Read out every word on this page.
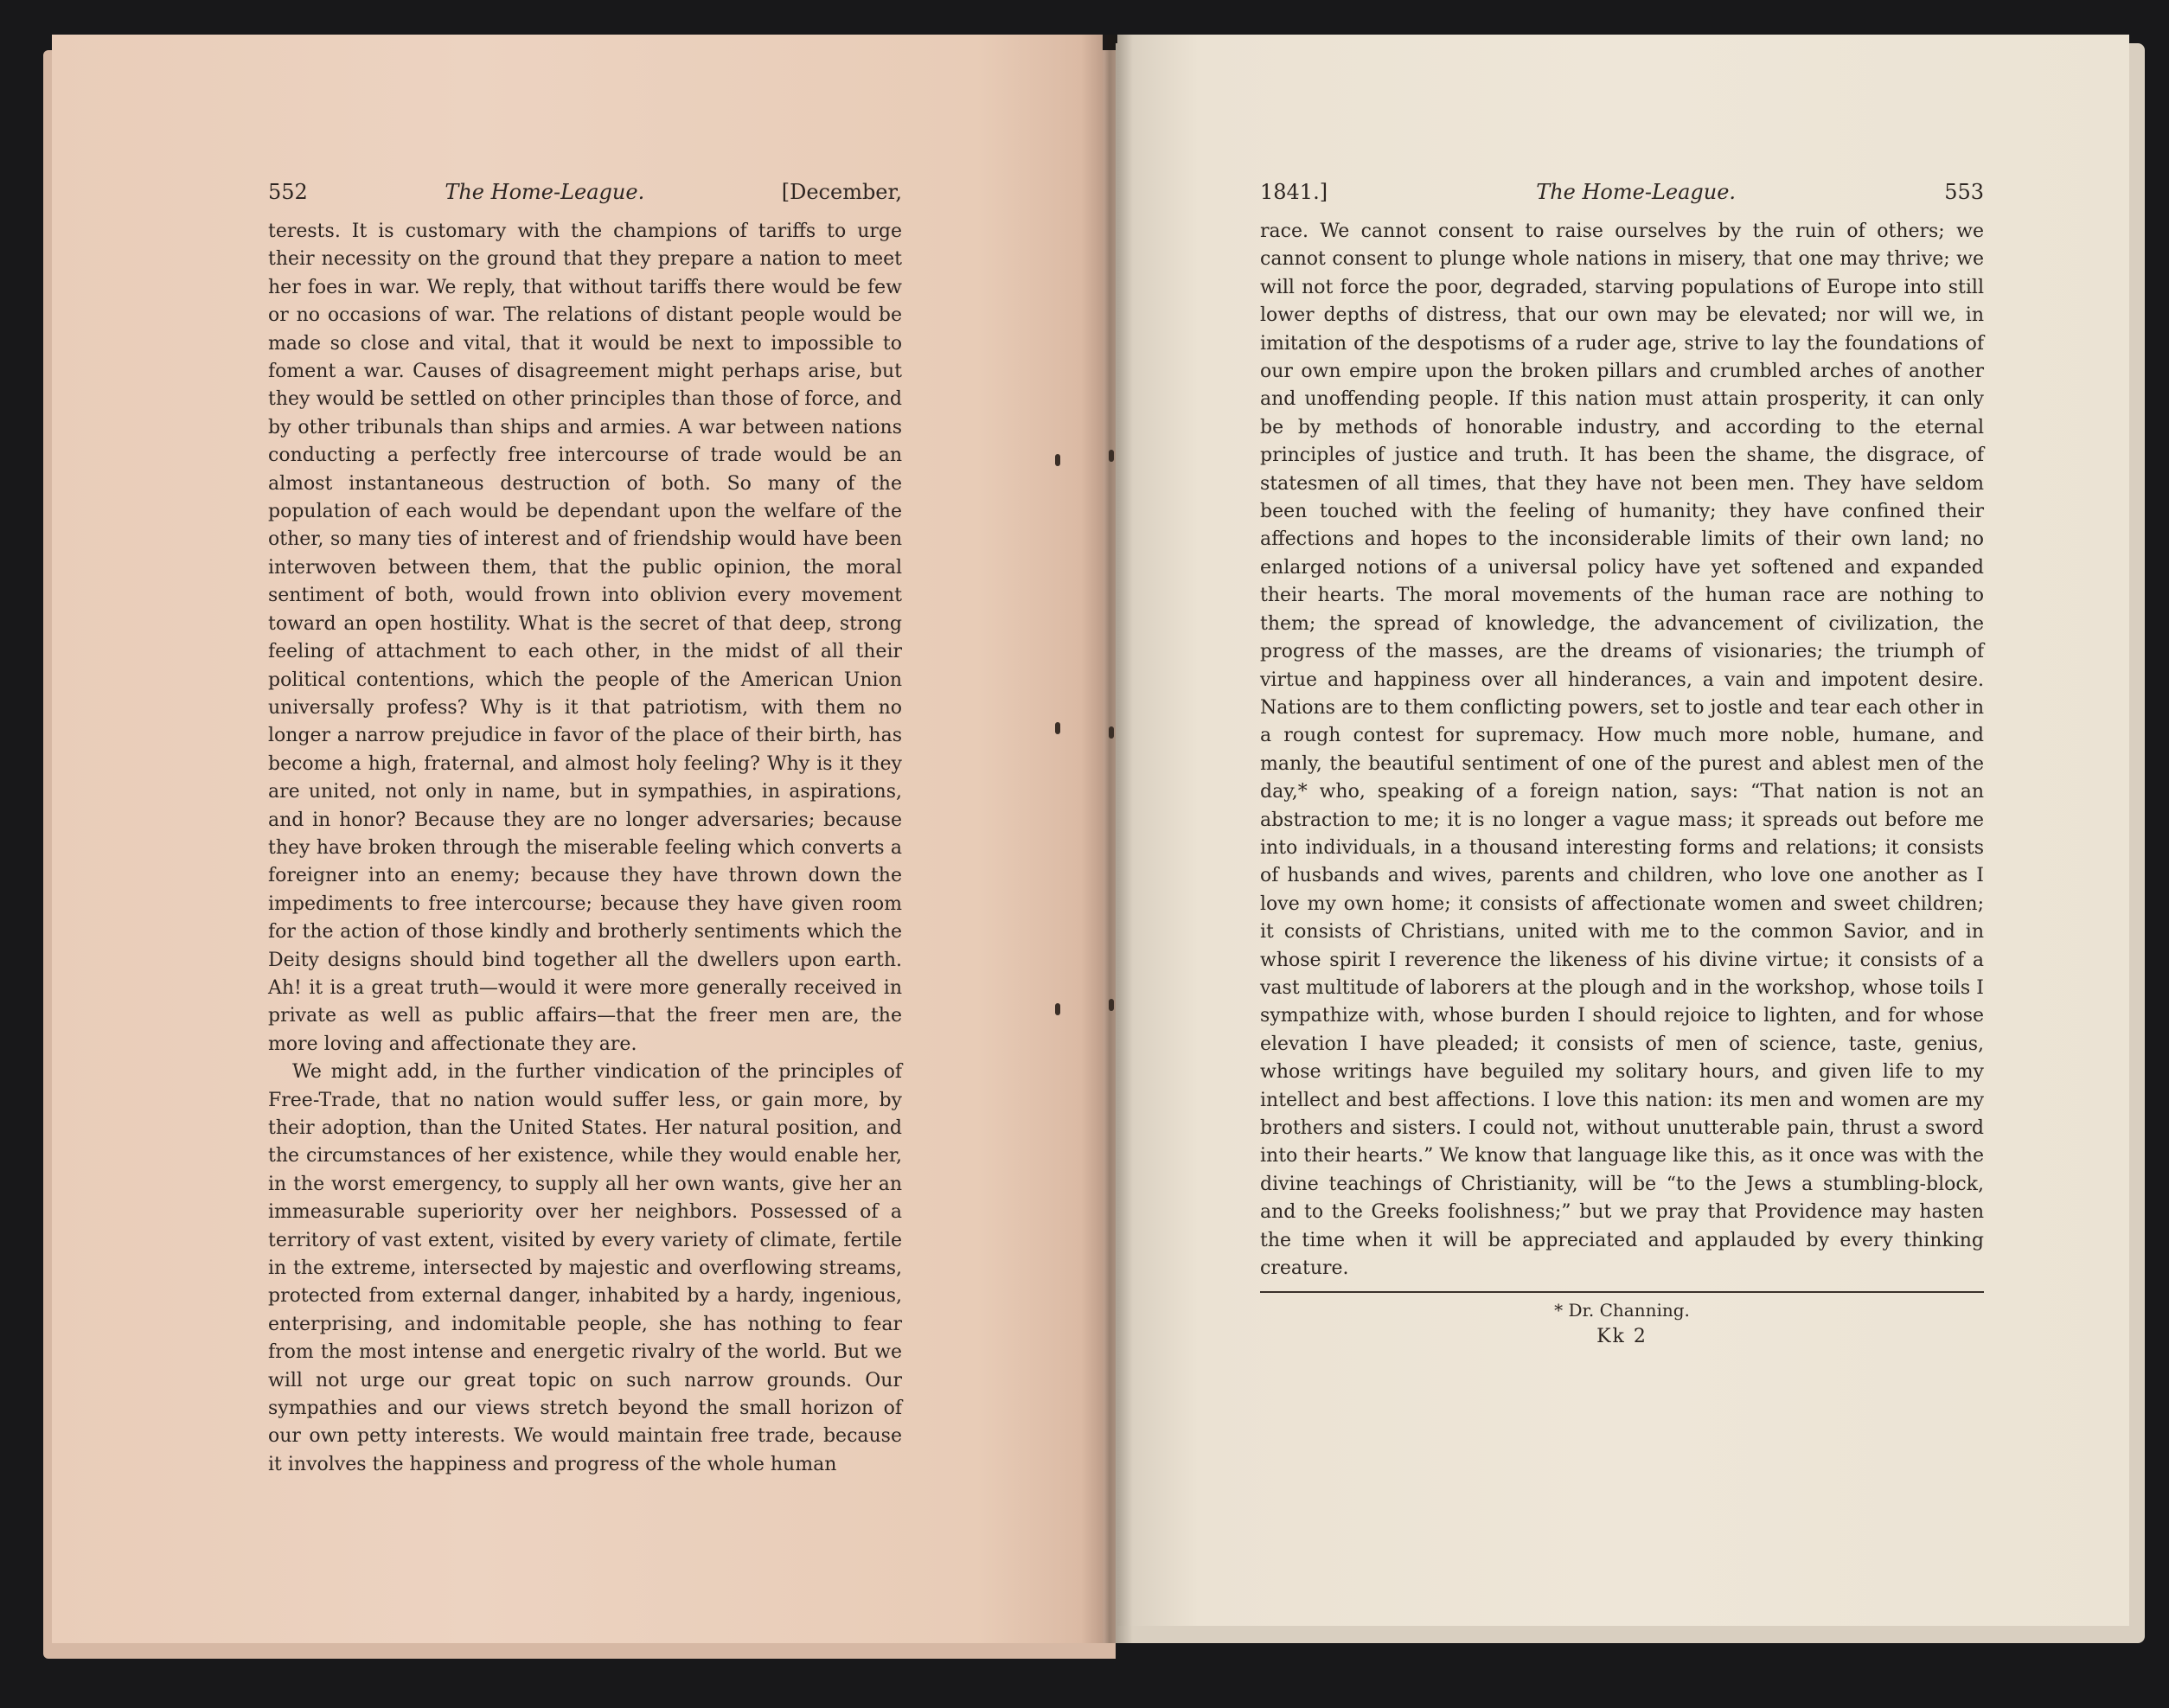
552	The Home-League.	[December,

terests. It is customary with the champions of tariffs to urge their necessity on the ground that they prepare a nation to meet her foes in war. We reply, that without tariffs there would be few or no occasions of war. The relations of distant people would be made so close and vital, that it would be next to impossible to foment a war. Causes of disagreement might perhaps arise, but they would be settled on other principles than those of force, and by other tribunals than ships and armies. A war between nations conducting a perfectly free intercourse of trade would be an almost instantaneous destruction of both. So many of the population of each would be dependant upon the welfare of the other, so many ties of interest and of friendship would have been interwoven between them, that the public opinion, the moral sentiment of both, would frown into oblivion every movement toward an open hostility. What is the secret of that deep, strong feeling of attachment to each other, in the midst of all their political contentions, which the people of the American Union universally profess? Why is it that patriotism, with them no longer a narrow prejudice in favor of the place of their birth, has become a high, fraternal, and almost holy feeling? Why is it they are united, not only in name, but in sympathies, in aspirations, and in honor? Because they are no longer adversaries; because they have broken through the miserable feeling which converts a foreigner into an enemy; because they have thrown down the impediments to free intercourse; because they have given room for the action of those kindly and brotherly sentiments which the Deity designs should bind together all the dwellers upon earth. Ah! it is a great truth—would it were more generally received in private as well as public affairs—that the freer men are, the more loving and affectionate they are.

We might add, in the further vindication of the principles of Free-Trade, that no nation would suffer less, or gain more, by their adoption, than the United States. Her natural position, and the circumstances of her existence, while they would enable her, in the worst emergency, to supply all her own wants, give her an immeasurable superiority over her neighbors. Possessed of a territory of vast extent, visited by every variety of climate, fertile in the extreme, intersected by majestic and overflowing streams, protected from external danger, inhabited by a hardy, ingenious, enterprising, and indomitable people, she has nothing to fear from the most intense and energetic rivalry of the world. But we will not urge our great topic on such narrow grounds. Our sympathies and our views stretch beyond the small horizon of our own petty interests. We would maintain free trade, because it involves the happiness and progress of the whole human

1841.]	The Home-League.	553

race. We cannot consent to raise ourselves by the ruin of others; we cannot consent to plunge whole nations in misery, that one may thrive; we will not force the poor, degraded, starving populations of Europe into still lower depths of distress, that our own may be elevated; nor will we, in imitation of the despotisms of a ruder age, strive to lay the foundations of our own empire upon the broken pillars and crumbled arches of another and unoffending people. If this nation must attain prosperity, it can only be by methods of honorable industry, and according to the eternal principles of justice and truth. It has been the shame, the disgrace, of statesmen of all times, that they have not been men. They have seldom been touched with the feeling of humanity; they have confined their affections and hopes to the inconsiderable limits of their own land; no enlarged notions of a universal policy have yet softened and expanded their hearts. The moral movements of the human race are nothing to them; the spread of knowledge, the advancement of civilization, the progress of the masses, are the dreams of visionaries; the triumph of virtue and happiness over all hinderances, a vain and impotent desire. Nations are to them conflicting powers, set to jostle and tear each other in a rough contest for supremacy. How much more noble, humane, and manly, the beautiful sentiment of one of the purest and ablest men of the day,* who, speaking of a foreign nation, says: “That nation is not an abstraction to me; it is no longer a vague mass; it spreads out before me into individuals, in a thousand interesting forms and relations; it consists of husbands and wives, parents and children, who love one another as I love my own home; it consists of affectionate women and sweet children; it consists of Christians, united with me to the common Savior, and in whose spirit I reverence the likeness of his divine virtue; it consists of a vast multitude of laborers at the plough and in the workshop, whose toils I sympathize with, whose burden I should rejoice to lighten, and for whose elevation I have pleaded; it consists of men of science, taste, genius, whose writings have beguiled my solitary hours, and given life to my intellect and best affections. I love this nation: its men and women are my brothers and sisters. I could not, without unutterable pain, thrust a sword into their hearts.” We know that language like this, as it once was with the divine teachings of Christianity, will be “to the Jews a stumbling-block, and to the Greeks foolishness;” but we pray that Providence may hasten the time when it will be appreciated and applauded by every thinking creature.

* Dr. Channing.
Kk 2
